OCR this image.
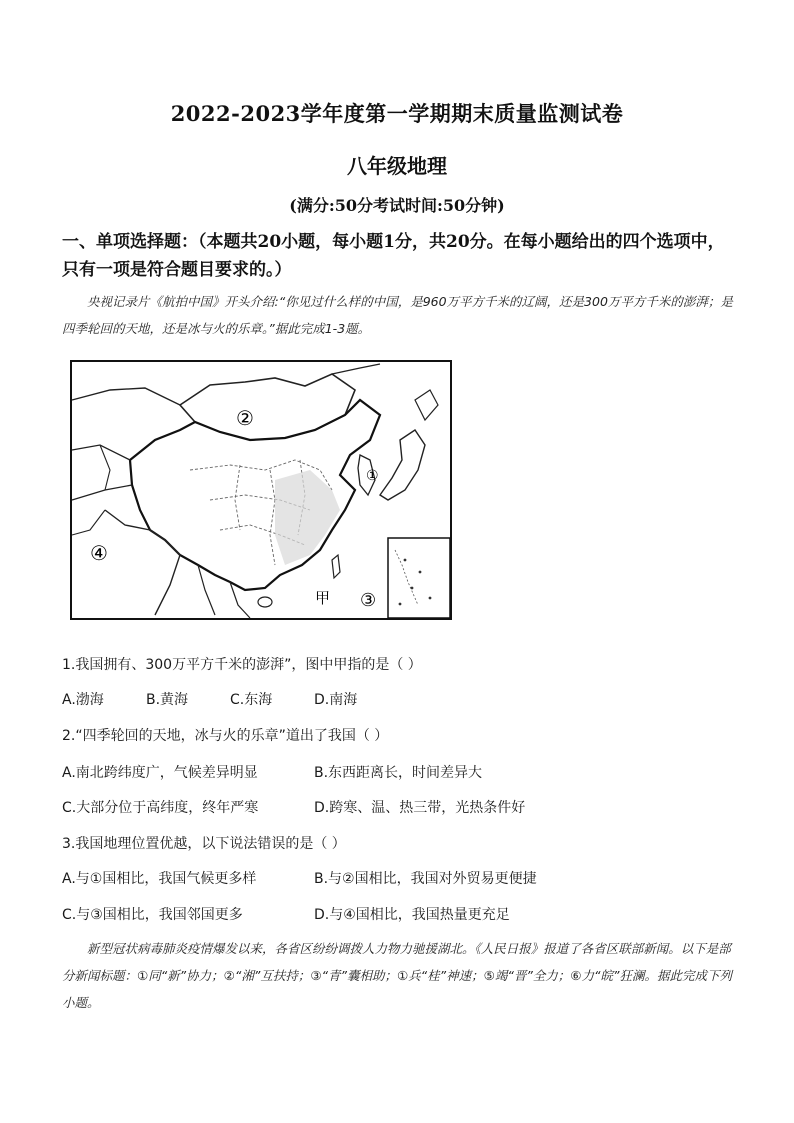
2022-2023学年度第一学期期末质量监测试卷
八年级地理
(满分:50分考试时间:50分钟)
一、单项选择题：（本题共20小题，每小题1分，共20分。在每小题给出的四个选项中，只有一项是符合题目要求的。）
央视记录片《航拍中国》开头介绍:“你见过什么样的中国，是960万平方千米的辽阔，还是300万平方千米的澎湃；是四季轮回的天地，还是冰与火的乐章。”据此完成1-3题。
①
②
③
④
甲
1.我国拥有、300万平方千米的澎湃”，图中甲指的是（ ）
A.渤海	B.黄海	C.东海	D.南海
2.“四季轮回的天地，冰与火的乐章”道出了我国（ ）
A.南北跨纬度广，气候差异明显	B.东西距离长，时间差异大
C.大部分位于高纬度，终年严寒	D.跨寒、温、热三带，光热条件好
3.我国地理位置优越，以下说法错误的是（ ）
A.与①国相比，我国气候更多样	B.与②国相比，我国对外贸易更便捷
C.与③国相比，我国邻国更多	D.与④国相比，我国热量更充足
新型冠状病毒肺炎疫情爆发以来，各省区纷纷调拨人力物力驰援湖北。《人民日报》报道了各省区联部新闻。以下是部分新闻标题：①同“新”协力；②“湘”互扶持；③“青”囊相助；①兵“桂”神速；⑤竭“晋”全力；⑥力“皖”狂澜。据此完成下列小题。
